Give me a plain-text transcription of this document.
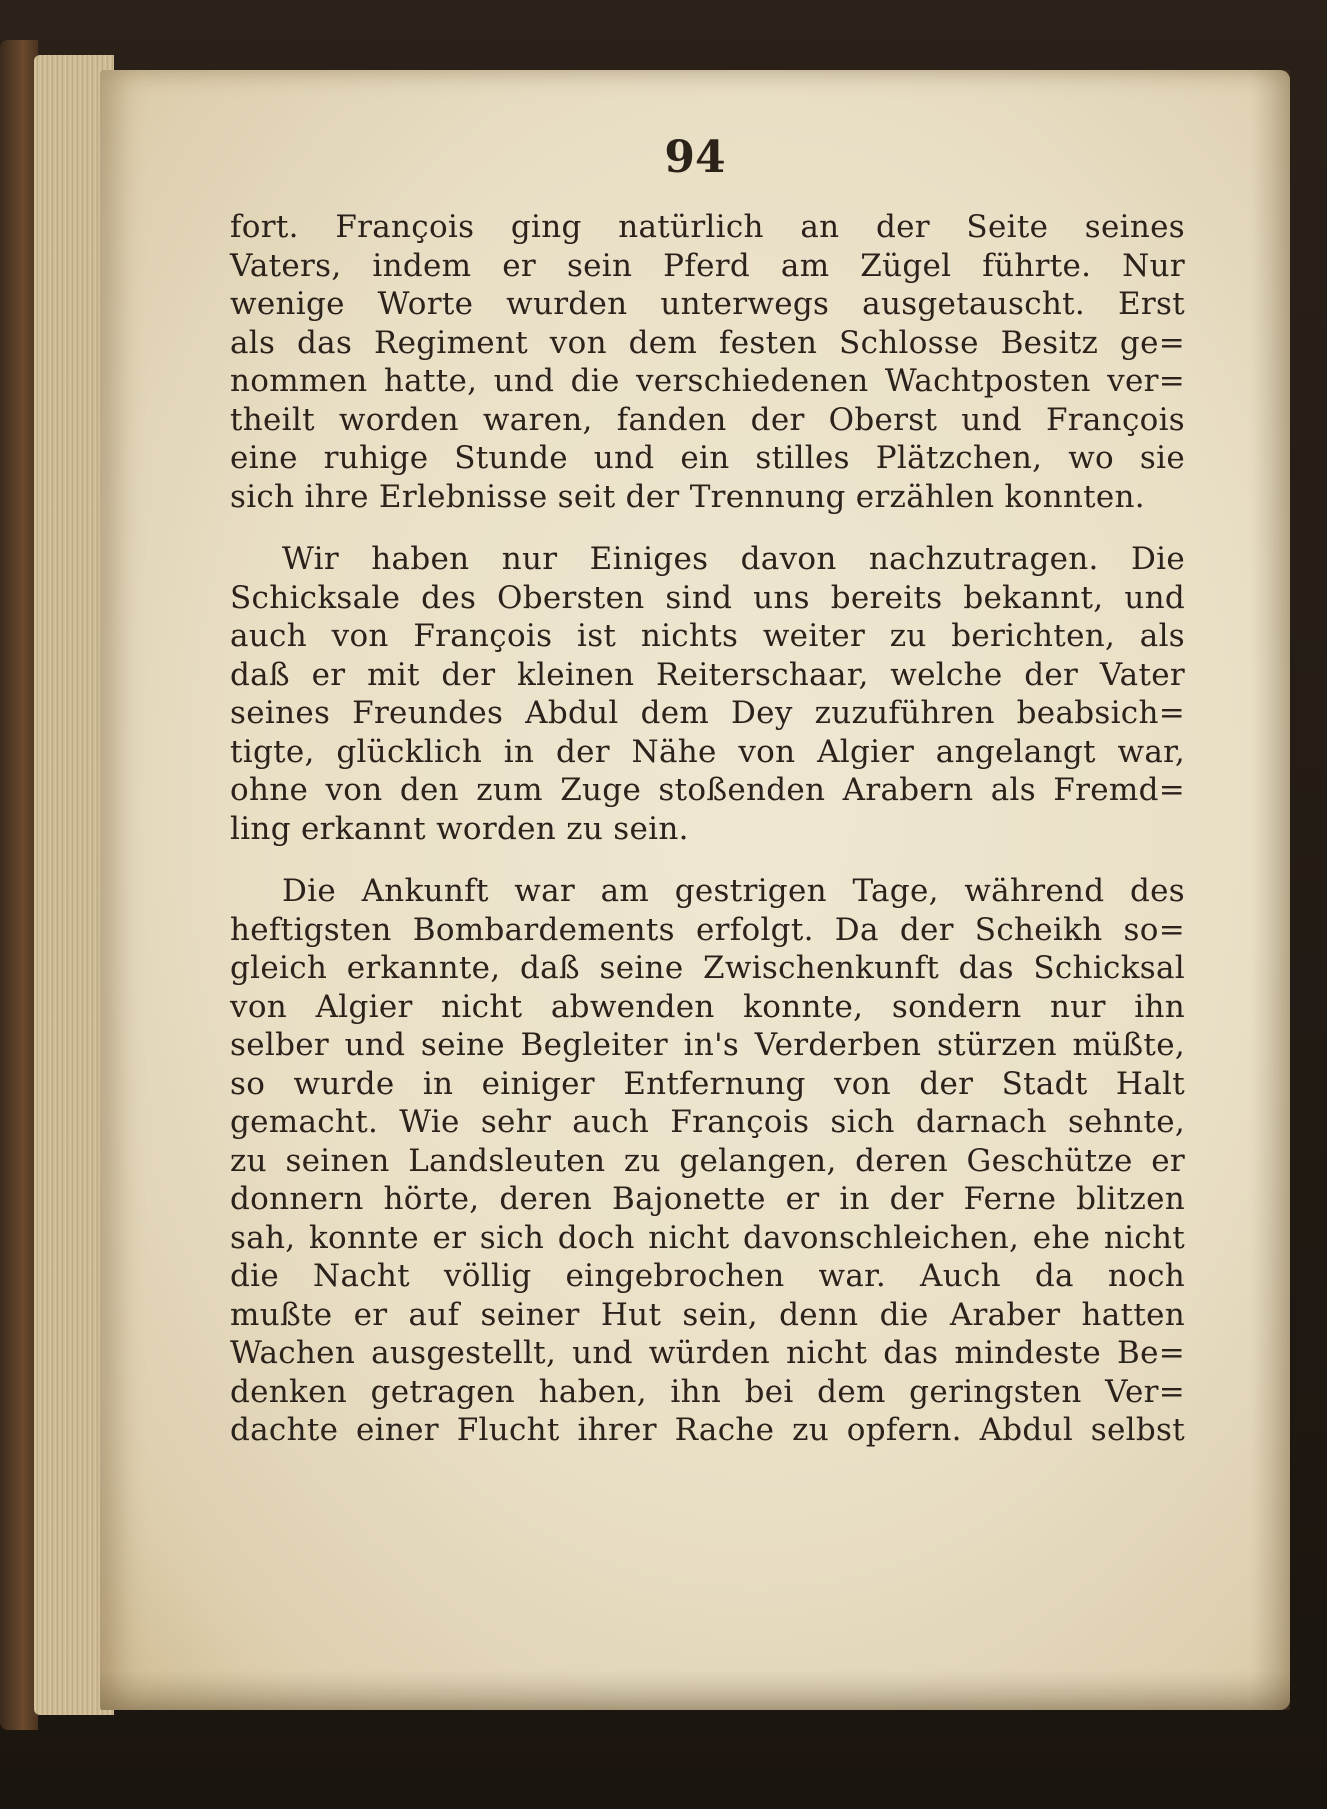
94

fort. François ging natürlich an der Seite seines
Vaters, indem er sein Pferd am Zügel führte. Nur
wenige Worte wurden unterwegs ausgetauscht. Erst
als das Regiment von dem festen Schlosse Besitz ge=
nommen hatte, und die verschiedenen Wachtposten ver=
theilt worden waren, fanden der Oberst und François
eine ruhige Stunde und ein stilles Plätzchen, wo sie
sich ihre Erlebnisse seit der Trennung erzählen konnten.

Wir haben nur Einiges davon nachzutragen. Die
Schicksale des Obersten sind uns bereits bekannt, und
auch von François ist nichts weiter zu berichten, als
daß er mit der kleinen Reiterschaar, welche der Vater
seines Freundes Abdul dem Dey zuzuführen beabsich=
tigte, glücklich in der Nähe von Algier angelangt war,
ohne von den zum Zuge stoßenden Arabern als Fremd=
ling erkannt worden zu sein.

Die Ankunft war am gestrigen Tage, während des
heftigsten Bombardements erfolgt. Da der Scheikh so=
gleich erkannte, daß seine Zwischenkunft das Schicksal
von Algier nicht abwenden konnte, sondern nur ihn
selber und seine Begleiter in's Verderben stürzen müßte,
so wurde in einiger Entfernung von der Stadt Halt
gemacht. Wie sehr auch François sich darnach sehnte,
zu seinen Landsleuten zu gelangen, deren Geschütze er
donnern hörte, deren Bajonette er in der Ferne blitzen
sah, konnte er sich doch nicht davonschleichen, ehe nicht
die Nacht völlig eingebrochen war. Auch da noch
mußte er auf seiner Hut sein, denn die Araber hatten
Wachen ausgestellt, und würden nicht das mindeste Be=
denken getragen haben, ihn bei dem geringsten Ver=
dachte einer Flucht ihrer Rache zu opfern. Abdul selbst
